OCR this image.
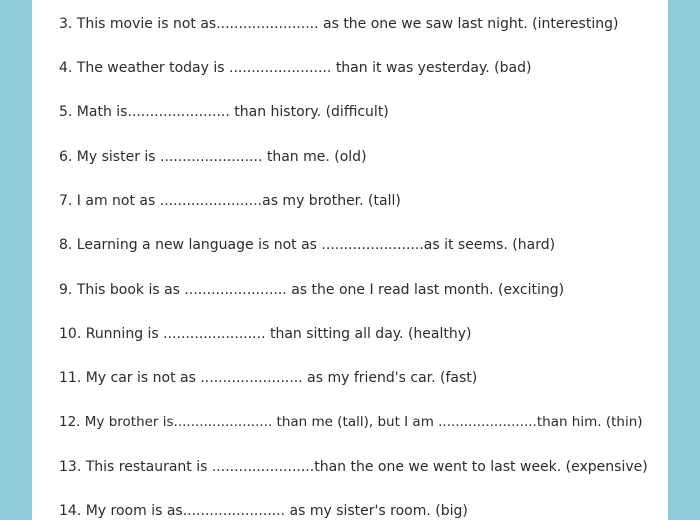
3. This movie is not as....................... as the one we saw last night. (interesting)
4. The weather today is ....................... than it was yesterday. (bad)
5. Math is....................... than history. (difficult)
6. My sister is ....................... than me. (old)
7. I am not as .......................as my brother. (tall)
8. Learning a new language is not as .......................as it seems. (hard)
9. This book is as ....................... as the one I read last month. (exciting)
10. Running is ....................... than sitting all day. (healthy)
11. My car is not as ....................... as my friend's car. (fast)
12. My brother is....................... than me (tall), but I am .......................than him. (thin)
13. This restaurant is .......................than the one we went to last week. (expensive)
14. My room is as....................... as my sister's room. (big)
